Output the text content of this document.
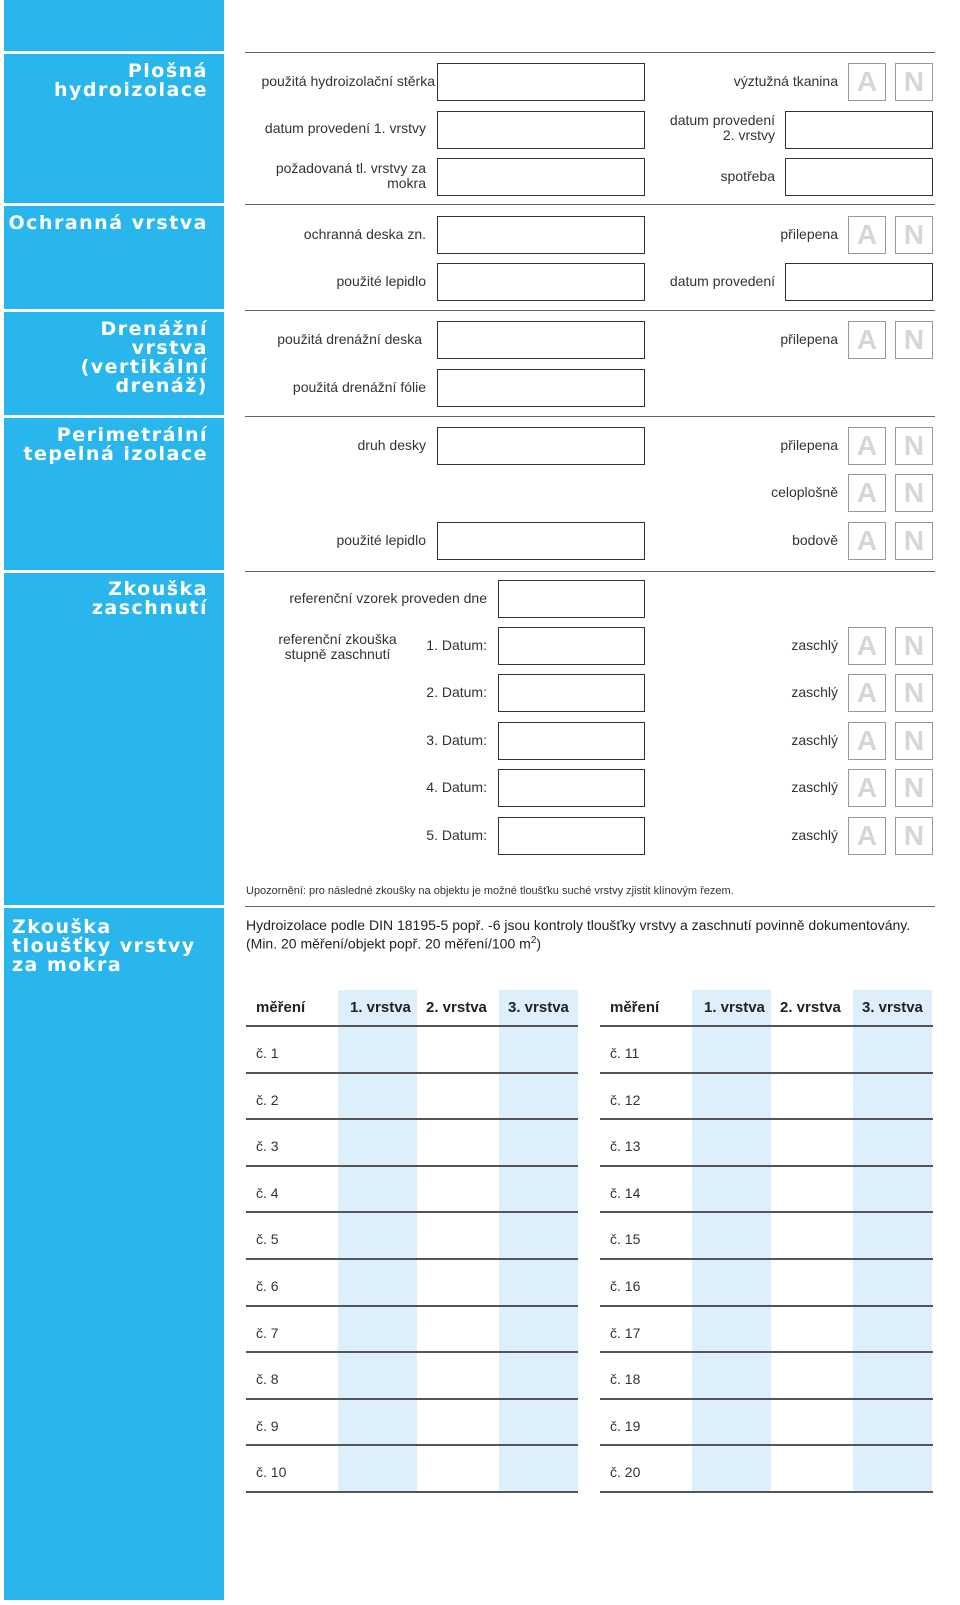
Plošná hydroizolace
Ochranná vrstva
Drenážní vrstva (vertikální drenáž)
Perimetrální tepelná izolace
Zkouška zaschnutí
Zkouška tloušťky vrstvy za mokra
použitá hydroizolační stěrka	výztužná tkanina A N
datum provedení 1. vrstvy	datum provedení 2. vrstvy
požadovaná tl. vrstvy za mokra	spotřeba
ochranná deska zn.	přilepena A N
použité lepidlo	datum provedení
použitá drenážní deska	přilepena A N
použitá drenážní fólie
druh desky	přilepena A N
celoplošně A N
použité lepidlo	bodově A N
referenční vzorek proveden dne
referenční zkouška stupně zaschnutí
1. Datum:	zaschlý A N
2. Datum:	zaschlý A N
3. Datum:	zaschlý A N
4. Datum:	zaschlý A N
5. Datum:	zaschlý A N
Upozornění: pro následné zkoušky na objektu je možné tloušťku suché vrstvy zjistit klínovým řezem.
Hydroizolace podle DIN 18195-5 popř. -6 jsou kontroly tloušťky vrstvy a zaschnutí povinně dokumentovány.
(Min. 20 měření/objekt popř. 20 měření/100 $m^2$)
měření	1. vrstva 2. vrstva 3. vrstva
č. 1
č. 2
č. 3
č. 4
č. 5
č. 6
č. 7
č. 8
č. 9
č. 10
měření	1. vrstva 2. vrstva 3. vrstva
č. 11
č. 12
č. 13
č. 14
č. 15
č. 16
č. 17
č. 18
č. 19
č. 20
